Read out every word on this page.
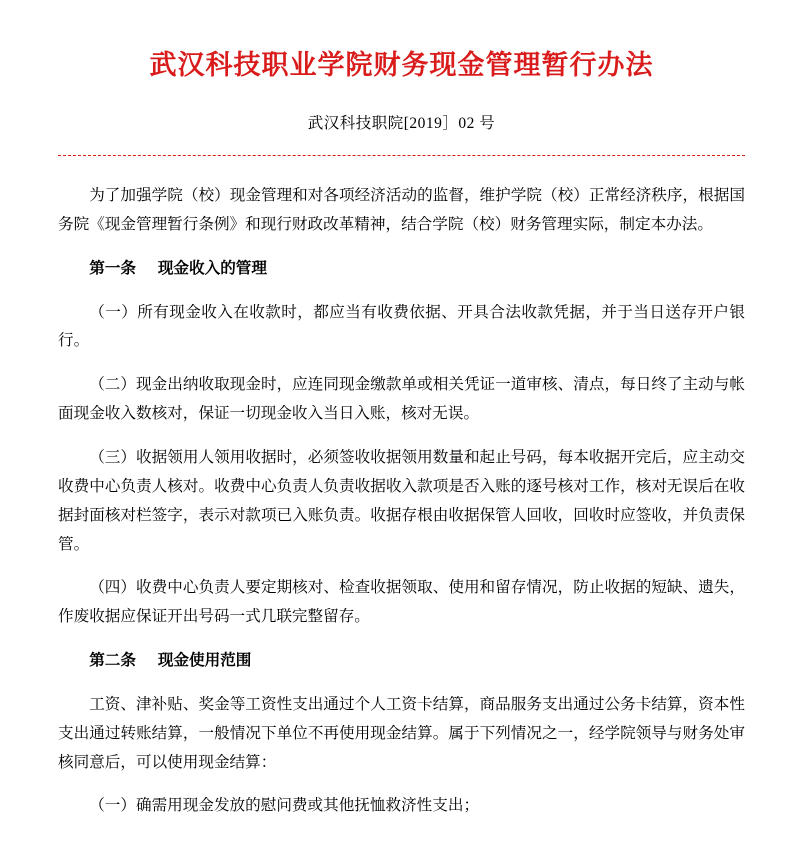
武汉科技职业学院财务现金管理暂行办法
武汉科技职院[2019］02 号

为了加强学院（校）现金管理和对各项经济活动的监督，维护学院（校）正常经济秩序，根据国务院《现金管理暂行条例》和现行财政改革精神，结合学院（校）财务管理实际，制定本办法。

第一条 现金收入的管理

（一）所有现金收入在收款时，都应当有收费依据、开具合法收款凭据，并于当日送存开户银行。

（二）现金出纳收取现金时，应连同现金缴款单或相关凭证一道审核、清点，每日终了主动与帐面现金收入数核对，保证一切现金收入当日入账，核对无误。

（三）收据领用人领用收据时，必须签收收据领用数量和起止号码，每本收据开完后，应主动交收费中心负责人核对。收费中心负责人负责收据收入款项是否入账的逐号核对工作，核对无误后在收据封面核对栏签字，表示对款项已入账负责。收据存根由收据保管人回收，回收时应签收，并负责保管。

（四）收费中心负责人要定期核对、检查收据领取、使用和留存情况，防止收据的短缺、遗失，作废收据应保证开出号码一式几联完整留存。

第二条 现金使用范围

工资、津补贴、奖金等工资性支出通过个人工资卡结算，商品服务支出通过公务卡结算，资本性支出通过转账结算，一般情况下单位不再使用现金结算。属于下列情况之一，经学院领导与财务处审核同意后，可以使用现金结算：

（一）确需用现金发放的慰问费或其他抚恤救济性支出；
